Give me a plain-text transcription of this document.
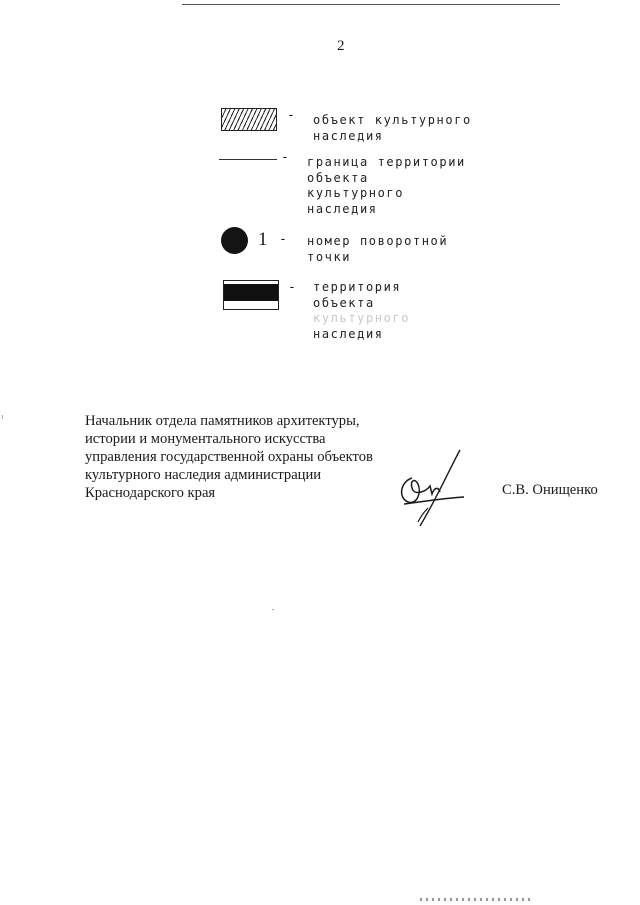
2
- объект культурного
наследия
- граница территории
объекта
культурного
наследия
1 - номер поворотной
точки
- территория
объекта
культурного
наследия
Начальник отдела памятников архитектуры,
истории и монументального искусства
управления государственной охраны объектов
культурного наследия администрации
Краснодарского края	С.В. Онищенко
